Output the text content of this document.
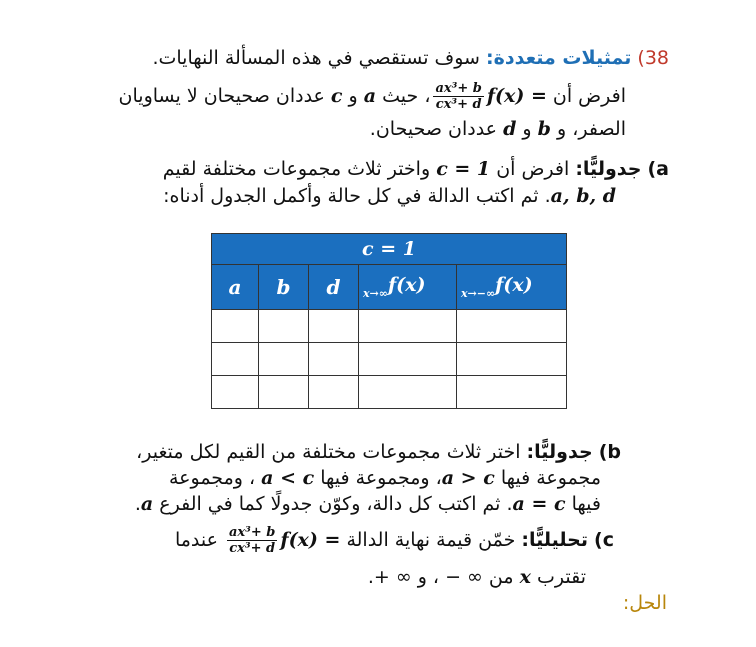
38) تمثيلات متعددة: سوف تستقصي في هذه المسألة النهايات.
افرض أن f(x) =
$\frac{\text{ax³+ b}}{\text{cx³+ d}}$
، حيث a و c عددان صحيحان لا يساويان
الصفر، و b و d عددان صحيحان.
a) جدوليًّا: افرض أن c = 1 واختر ثلاث مجموعات مختلفة لقيم
a, b, d. ثم اكتب الدالة في كل حالة وأكمل الجدول أدناه:
c = 1				
a	b	d	$_{x\to\infty}$f(x)	$_{x\to-\infty}$f(x)

b) جدوليًّا: اختر ثلاث مجموعات مختلفة من القيم لكل متغير،
مجموعة فيها a > c، ومجموعة فيها a < c ، ومجموعة
فيها a = c. ثم اكتب كل دالة، وكوّن جدولًا كما في الفرع a.
c) تحليليًّا: خمّن قيمة نهاية الدالة f(x) =
$\frac{\text{ax³+ b}}{\text{cx³+ d}}$
عندما
تقترب x من ∞ − ، و ∞ +.
الحل:
